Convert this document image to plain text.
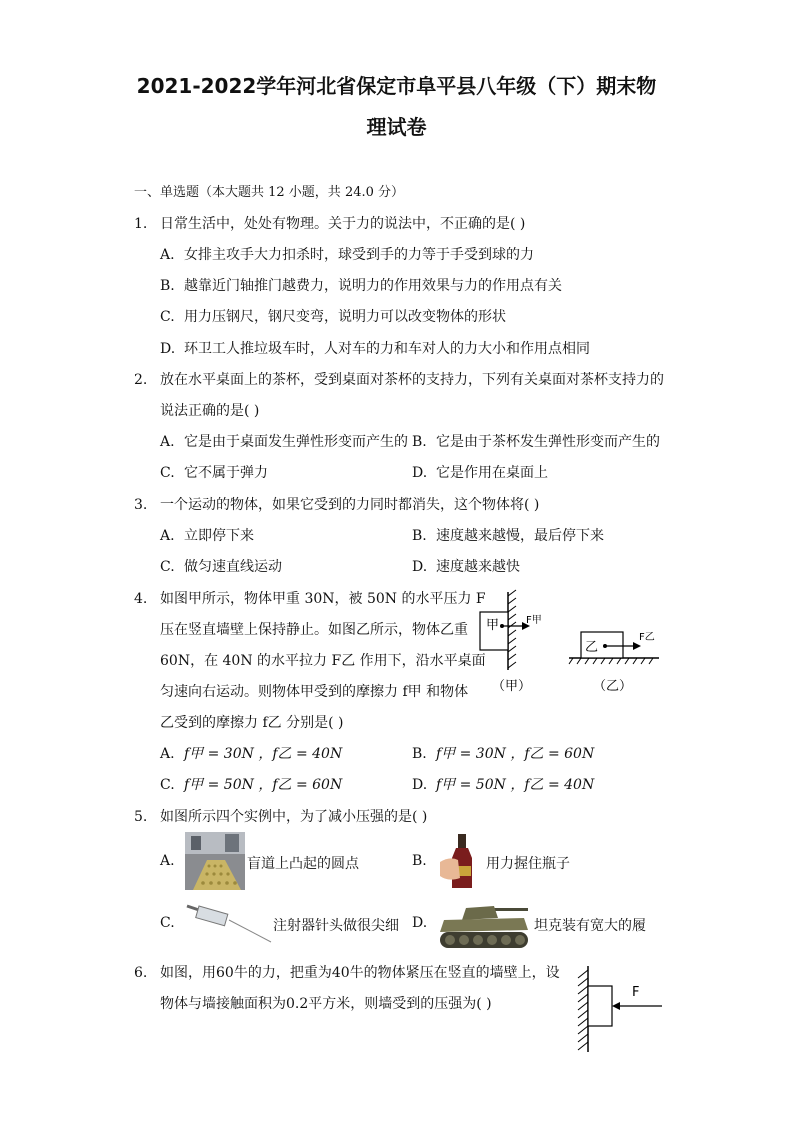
2021-2022学年河北省保定市阜平县八年级（下）期末物
理试卷
一、单选题（本大题共 12 小题，共 24.0 分）
1. 日常生活中，处处有物理。关于力的说法中，不正确的是( )
A. 女排主攻手大力扣杀时，球受到手的力等于手受到球的力
B. 越靠近门轴推门越费力，说明力的作用效果与力的作用点有关
C. 用力压钢尺，钢尺变弯，说明力可以改变物体的形状
D. 环卫工人推垃圾车时，人对车的力和车对人的力大小和作用点相同
2. 放在水平桌面上的茶杯，受到桌面对茶杯的支持力，下列有关桌面对茶杯支持力的
说法正确的是( )
A. 它是由于桌面发生弹性形变而产生的 B. 它是由于茶杯发生弹性形变而产生的
C. 它不属于弹力	D. 它是作用在桌面上
3. 一个运动的物体，如果它受到的力同时都消失，这个物体将( )
A. 立即停下来	B. 速度越来越慢，最后停下来
C. 做匀速直线运动	D. 速度越来越快
4. 如图甲所示，物体甲重 30N，被 50N 的水平压力 F
压在竖直墙壁上保持静止。如图乙所示，物体乙重
60N，在 40N 的水平拉力 F乙 作用下，沿水平桌面
匀速向右运动。则物体甲受到的摩擦力 f甲 和物体
乙受到的摩擦力 f乙 分别是( )
甲	F甲
（甲）
乙
F乙
（乙）
A. f甲 = 30N ，f乙 = 40N	B. f甲 = 30N ，f乙 = 60N
C. f甲 = 50N ，f乙 = 60N	D. f甲 = 50N ，f乙 = 40N
5. 如图所示四个实例中，为了减小压强的是( )
A.	盲道上凸起的圆点	B.	用力握住瓶子
C.	注射器针头做很尖细 D.	坦克装有宽大的履
6. 如图，用60牛的力，把重为40牛的物体紧压在竖直的墙壁上，设
物体与墙接触面积为0.2平方米，则墙受到的压强为( )
F
